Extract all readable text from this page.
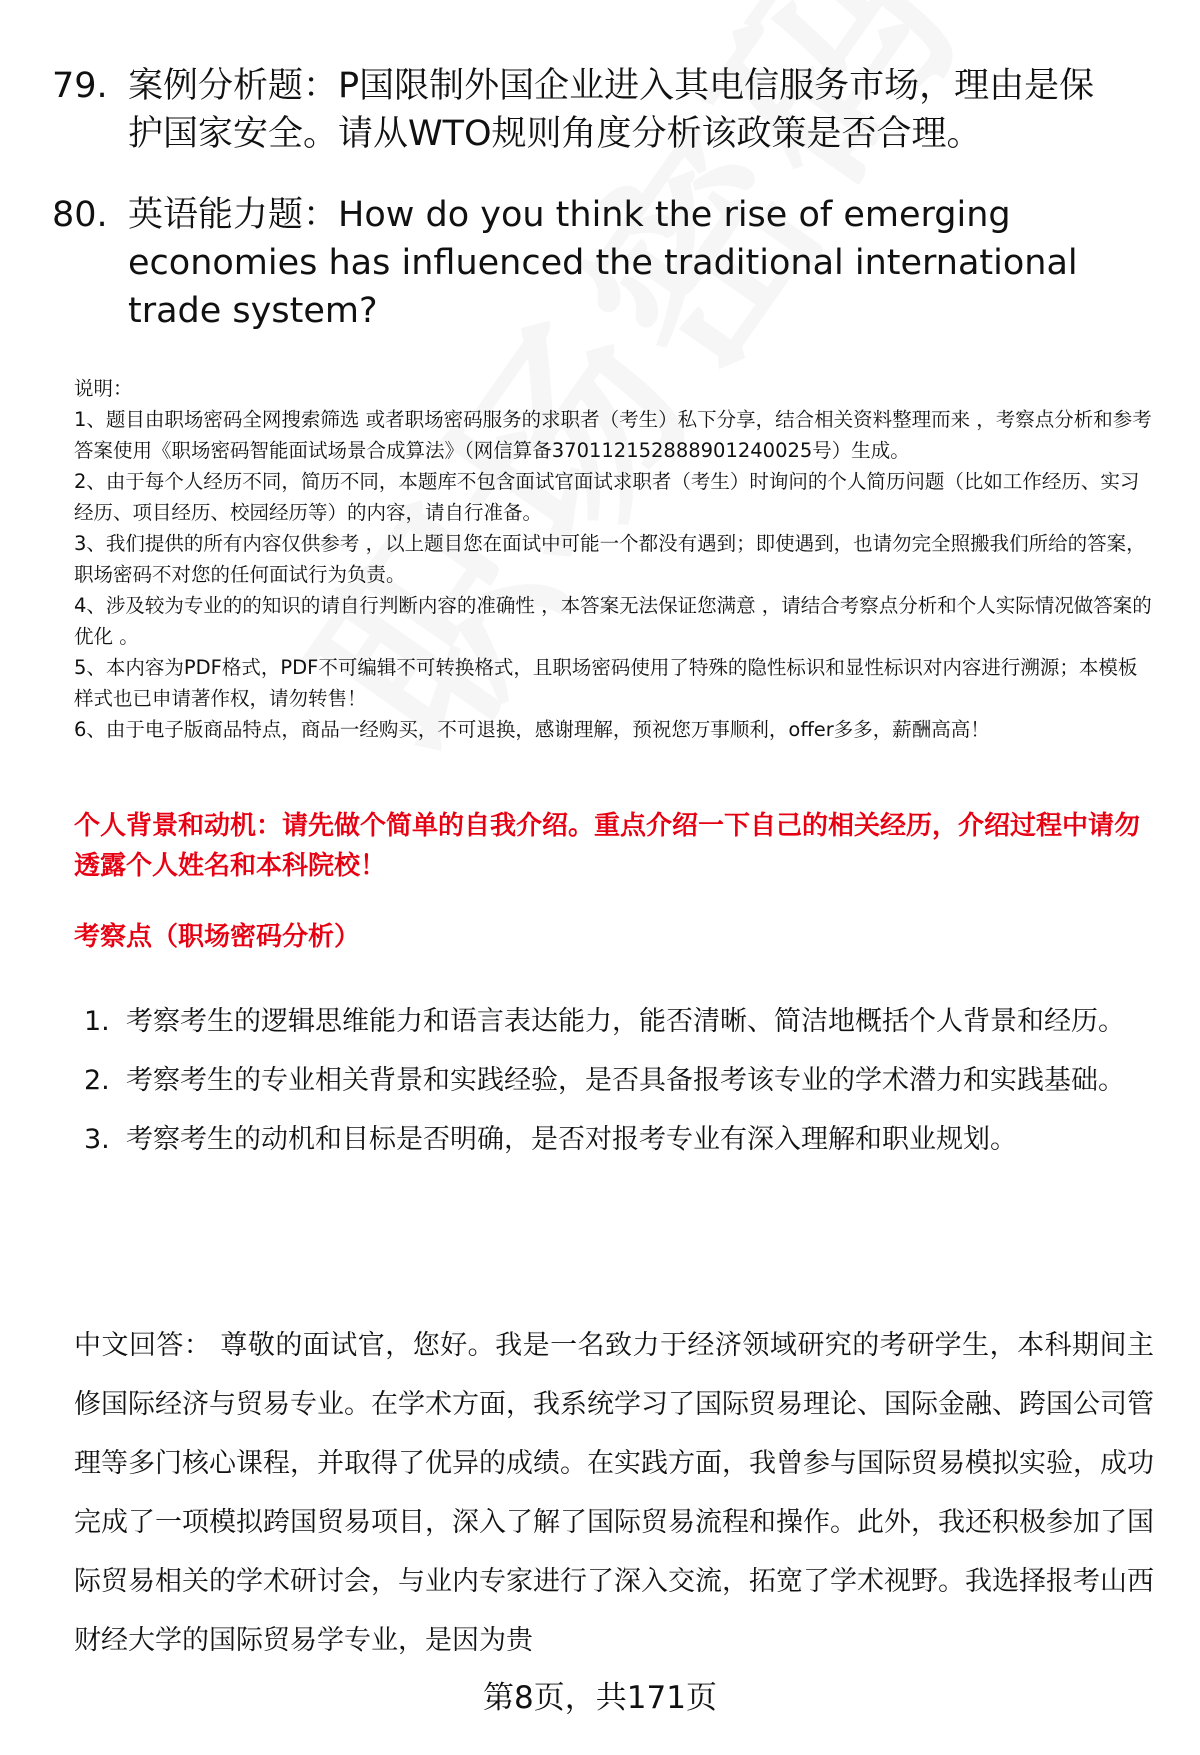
79. 案例分析题：P国限制外国企业进入其电信服务市场，理由是保护国家安全。请从WTO规则角度分析该政策是否合理。
80. 英语能力题：How do you think the rise of emerging economies has influenced the traditional international trade system?

说明：

1、题目由职场密码全网搜索筛选 或者职场密码服务的求职者（考生）私下分享，结合相关资料整理而来 ，考察点分析和参考答案使用《职场密码智能面试场景合成算法》（网信算备370112152888901240025号）生成。

2、由于每个人经历不同，简历不同，本题库不包含面试官面试求职者（考生）时询问的个人简历问题（比如工作经历、实习经历、项目经历、校园经历等）的内容，请自行准备。

3、我们提供的所有内容仅供参考 ，以上题目您在面试中可能一个都没有遇到；即使遇到，也请勿完全照搬我们所给的答案，职场密码不对您的任何面试行为负责。

4、涉及较为专业的的知识的请自行判断内容的准确性 ，本答案无法保证您满意 ，请结合考察点分析和个人实际情况做答案的优化 。

5、本内容为PDF格式，PDF不可编辑不可转换格式，且职场密码使用了特殊的隐性标识和显性标识对内容进行溯源；本模板样式也已申请著作权，请勿转售！

6、由于电子版商品特点，商品一经购买，不可退换，感谢理解，预祝您万事顺利，offer多多，薪酬高高！

个人背景和动机：请先做个简单的自我介绍。重点介绍一下自己的相关经历，介绍过程中请勿透露个人姓名和本科院校！
考察点（职场密码分析）
1. 考察考生的逻辑思维能力和语言表达能力，能否清晰、简洁地概括个人背景和经历。
2. 考察考生的专业相关背景和实践经验，是否具备报考该专业的学术潜力和实践基础。
3. 考察考生的动机和目标是否明确，是否对报考专业有深入理解和职业规划。
中文回答： 尊敬的面试官，您好。我是一名致力于经济领域研究的考研学生，本科期间主修国际经济与贸易专业。在学术方面，我系统学习了国际贸易理论、国际金融、跨国公司管理等多门核心课程，并取得了优异的成绩。在实践方面，我曾参与国际贸易模拟实验，成功完成了一项模拟跨国贸易项目，深入了解了国际贸易流程和操作。此外，我还积极参加了国际贸易相关的学术研讨会，与业内专家进行了深入交流，拓宽了学术视野。我选择报考山西财经大学的国际贸易学专业，是因为贵
第8页，共171页
